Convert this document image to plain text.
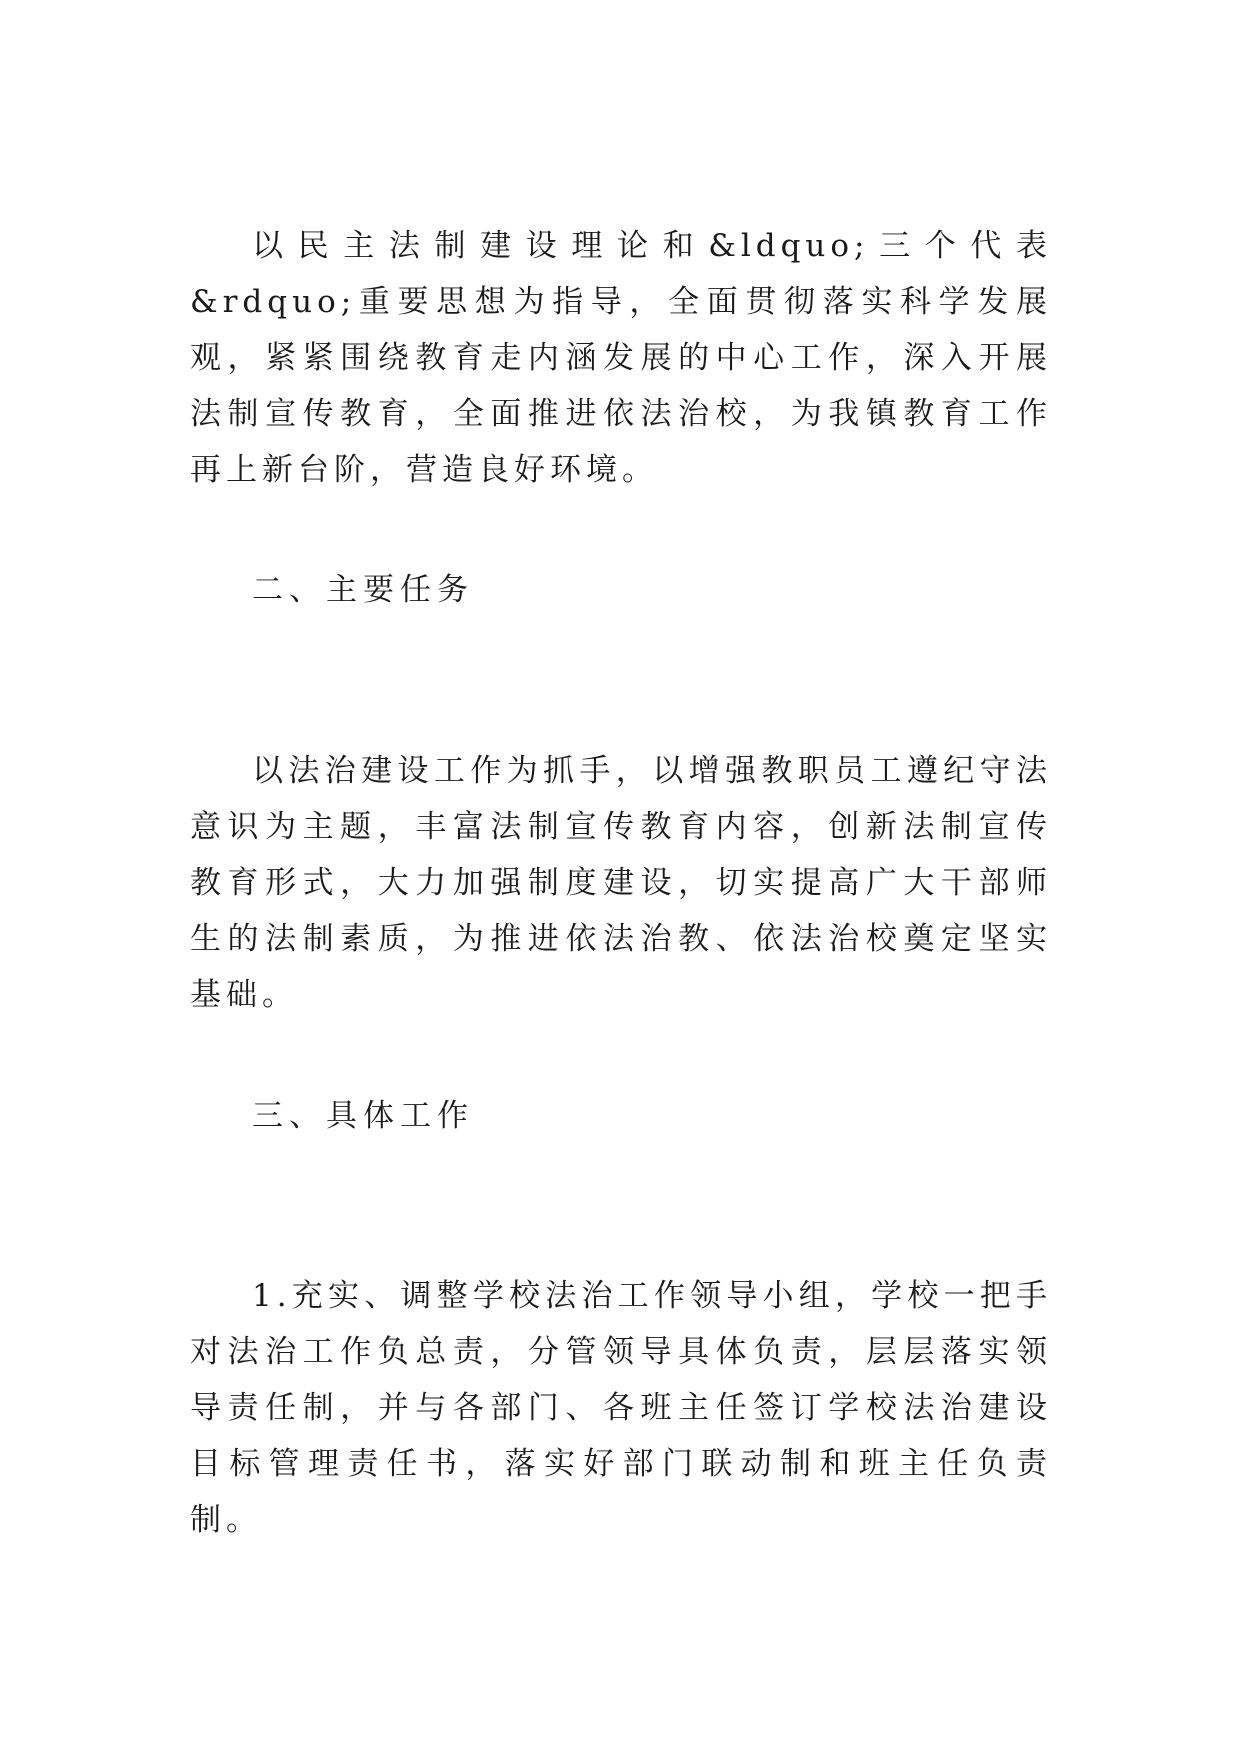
以民主法制建设理论和&ldquo;三个代表&rdquo;重要思想为指导，全面贯彻落实科学发展观，紧紧围绕教育走内涵发展的中心工作，深入开展法制宣传教育，全面推进依法治校，为我镇教育工作再上新台阶，营造良好环境。

二、主要任务

以法治建设工作为抓手，以增强教职员工遵纪守法意识为主题，丰富法制宣传教育内容，创新法制宣传教育形式，大力加强制度建设，切实提高广大干部师生的法制素质，为推进依法治教、依法治校奠定坚实基础。

三、具体工作

1.充实、调整学校法治工作领导小组，学校一把手对法治工作负总责，分管领导具体负责，层层落实领导责任制，并与各部门、各班主任签订学校法治建设目标管理责任书，落实好部门联动制和班主任负责制。
